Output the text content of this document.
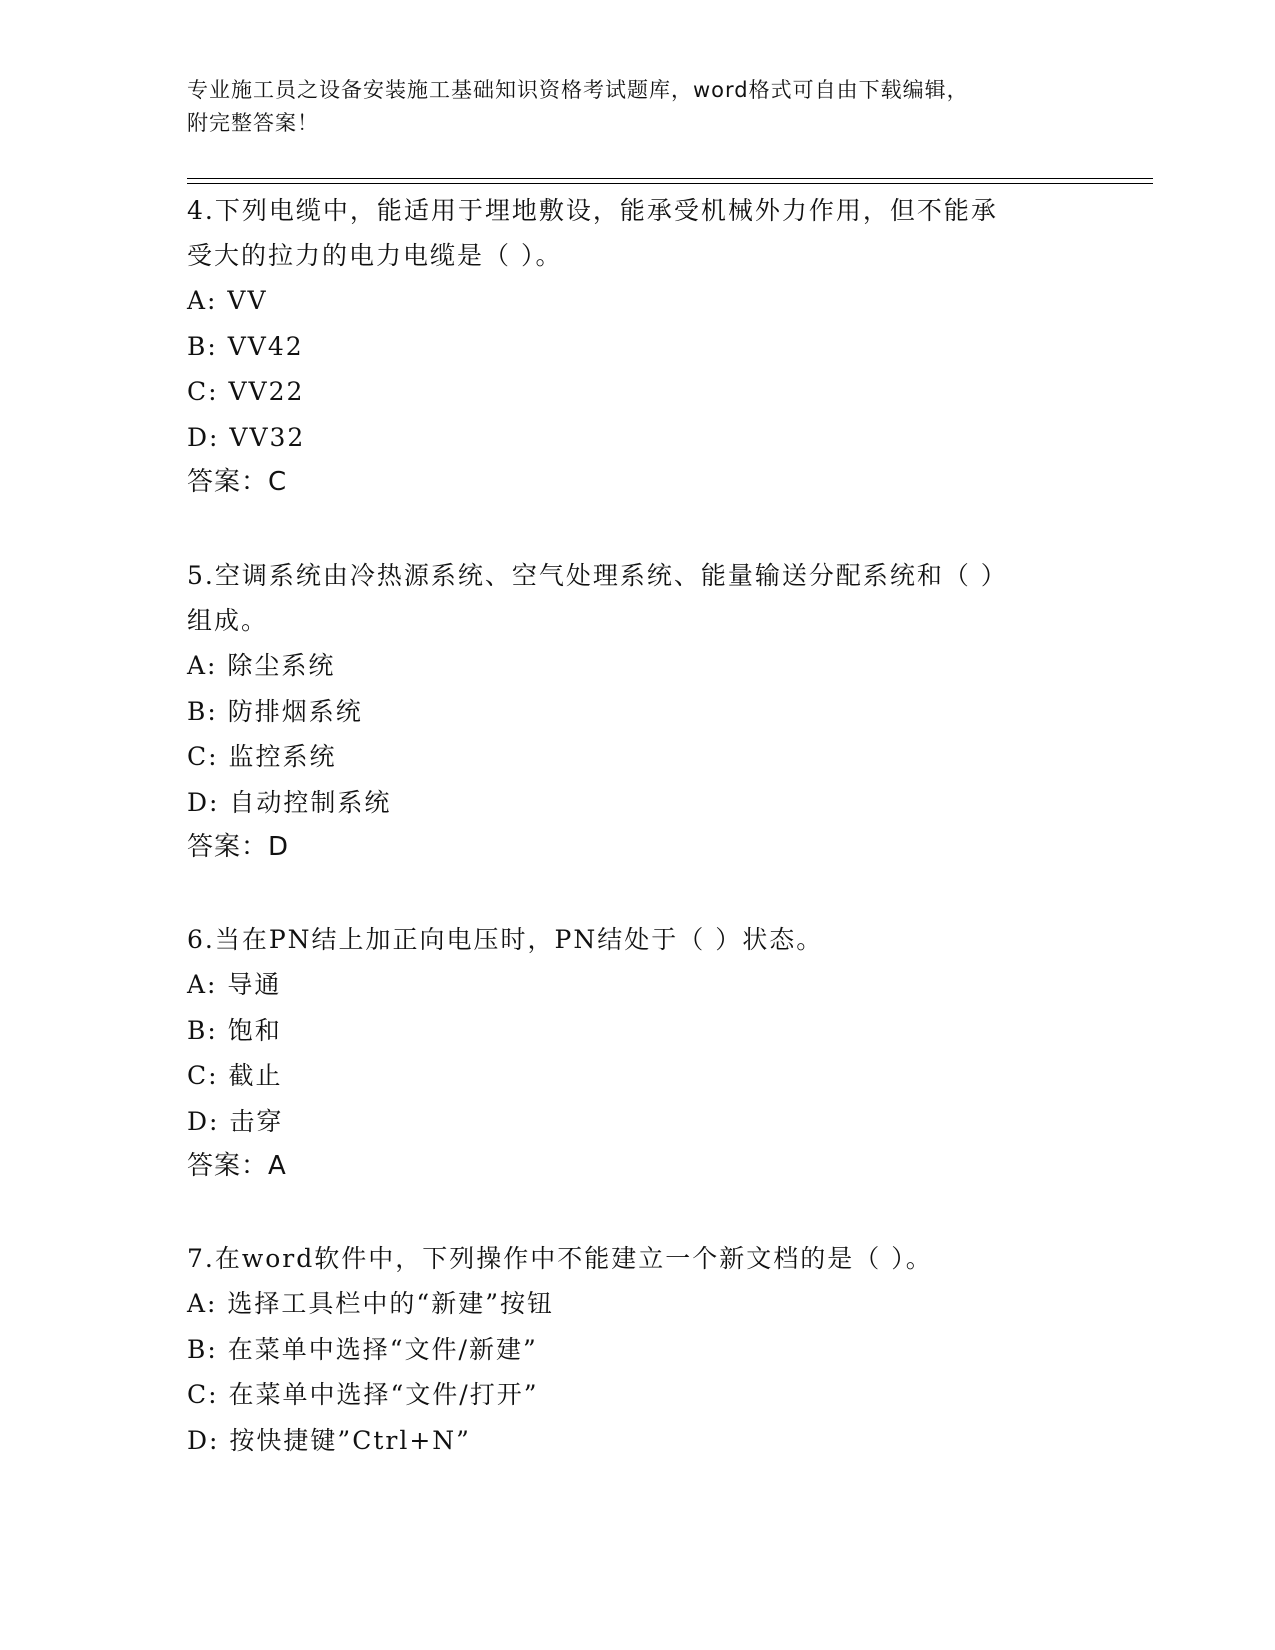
专业施工员之设备安装施工基础知识资格考试题库，word格式可自由下载编辑，
附完整答案！
4.下列电缆中，能适用于埋地敷设，能承受机械外力作用，但不能承
受大的拉力的电力电缆是（ ）。
A: VV
B: VV42
C: VV22
D: VV32
答案：C
5.空调系统由冷热源系统、空气处理系统、能量输送分配系统和（ ）
组成。
A: 除尘系统
B: 防排烟系统
C: 监控系统
D: 自动控制系统
答案：D
6.当在PN结上加正向电压时，PN结处于（ ）状态。
A: 导通
B: 饱和
C: 截止
D: 击穿
答案：A
7.在word软件中，下列操作中不能建立一个新文档的是（ ）。
A: 选择工具栏中的“新建”按钮
B: 在菜单中选择“文件/新建”
C: 在菜单中选择“文件/打开”
D: 按快捷键”Ctrl+N”
